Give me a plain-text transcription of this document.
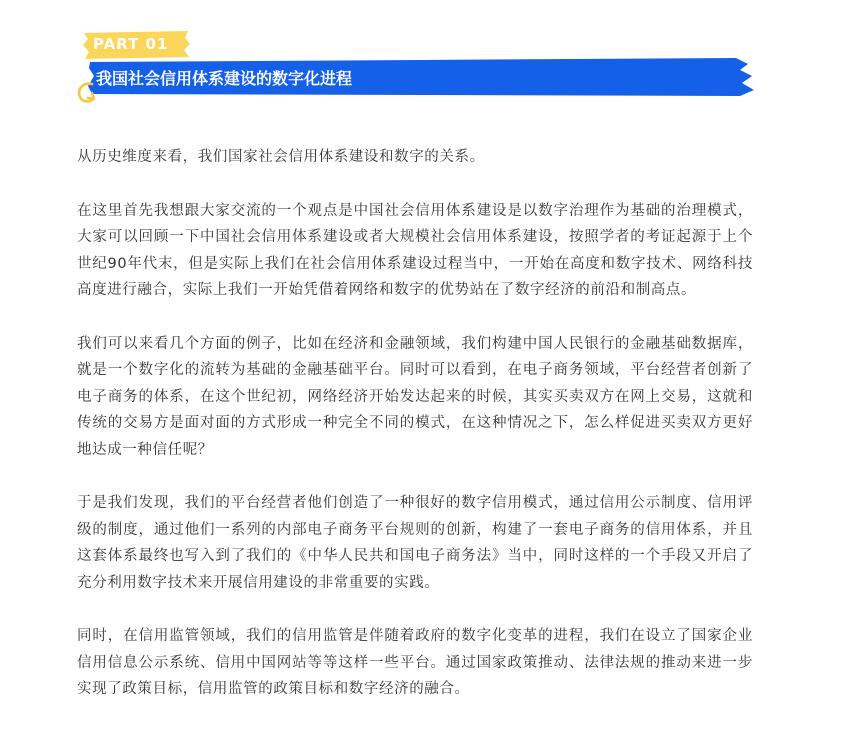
PART 01
我国社会信用体系建设的数字化进程

从历史维度来看，我们国家社会信用体系建设和数字的关系。

在这里首先我想跟大家交流的一个观点是中国社会信用体系建设是以数字治理作为基础的治理模式，大家可以回顾一下中国社会信用体系建设或者大规模社会信用体系建设，按照学者的考证起源于上个世纪90年代末，但是实际上我们在社会信用体系建设过程当中，一开始在高度和数字技术、网络科技高度进行融合，实际上我们一开始凭借着网络和数字的优势站在了数字经济的前沿和制高点。

我们可以来看几个方面的例子，比如在经济和金融领域，我们构建中国人民银行的金融基础数据库，就是一个数字化的流转为基础的金融基础平台。同时可以看到，在电子商务领域，平台经营者创新了电子商务的体系，在这个世纪初，网络经济开始发达起来的时候，其实买卖双方在网上交易，这就和传统的交易方是面对面的方式形成一种完全不同的模式，在这种情况之下，怎么样促进买卖双方更好地达成一种信任呢？

于是我们发现，我们的平台经营者他们创造了一种很好的数字信用模式，通过信用公示制度、信用评级的制度，通过他们一系列的内部电子商务平台规则的创新，构建了一套电子商务的信用体系，并且这套体系最终也写入到了我们的《中华人民共和国电子商务法》当中，同时这样的一个手段又开启了充分利用数字技术来开展信用建设的非常重要的实践。

同时，在信用监管领域，我们的信用监管是伴随着政府的数字化变革的进程，我们在设立了国家企业信用信息公示系统、信用中国网站等等这样一些平台。通过国家政策推动、法律法规的推动来进一步实现了政策目标，信用监管的政策目标和数字经济的融合。
